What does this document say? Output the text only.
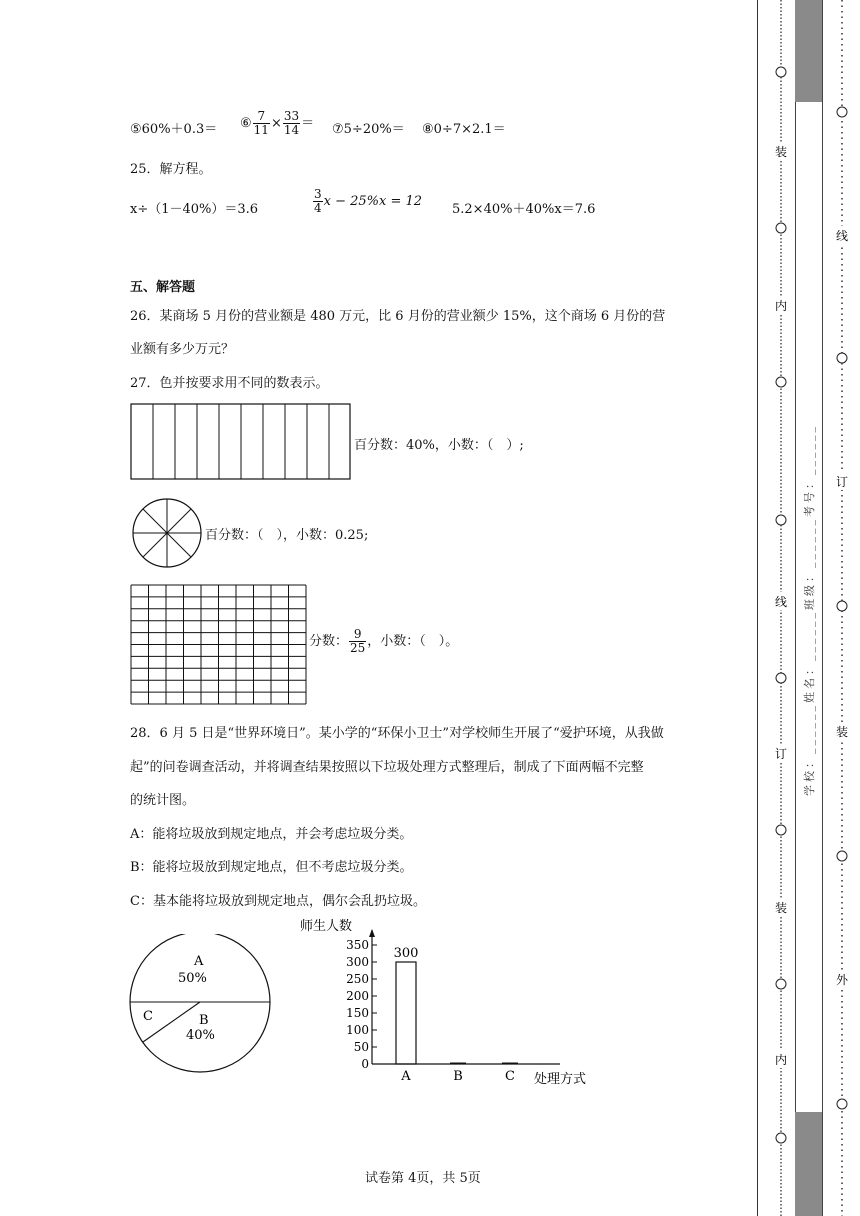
⑤60%＋0.3＝ ⑥ $\frac{7}{11} \times \frac{33}{14}$ ＝ ⑦5÷20%＝ ⑧0÷7×2.1＝
25．解方程。
x÷（1－40%）＝3.6	$\frac{3}{4}$ x − 25%x = 12
5.2×40%＋40%x＝7.6
五、解答题
26．某商场 5 月份的营业额是 480 万元，比 6 月份的营业额少 15%，这个商场 6 月份的营
业额有多少万元？
27．色并按要求用不同的数表示。
百分数：40%，小数：（　）;
百分数：（　），小数：0.25;
分数： $\frac{9}{25}$ ，小数：（　）。
28．6 月 5 日是“世界环境日”。某小学的“环保小卫士”对学校师生开展了“爱护环境，从我做
起”的问卷调查活动，并将调查结果按照以下垃圾处理方式整理后，制成了下面两幅不完整
的统计图。
A：能将垃圾放到规定地点，并会考虑垃圾分类。
B：能将垃圾放到规定地点，但不考虑垃圾分类。
C：基本能将垃圾放到规定地点，偶尔会乱扔垃圾。
A
50%
C	B
40%
师生人数
处理方式
0
50
100
150
200
250
300
350
A
300
B	C
试卷第 4页，共 5页
装
内
线
订
装
内
学校：______姓名：______班级：______考号：______
线
订
装
外
